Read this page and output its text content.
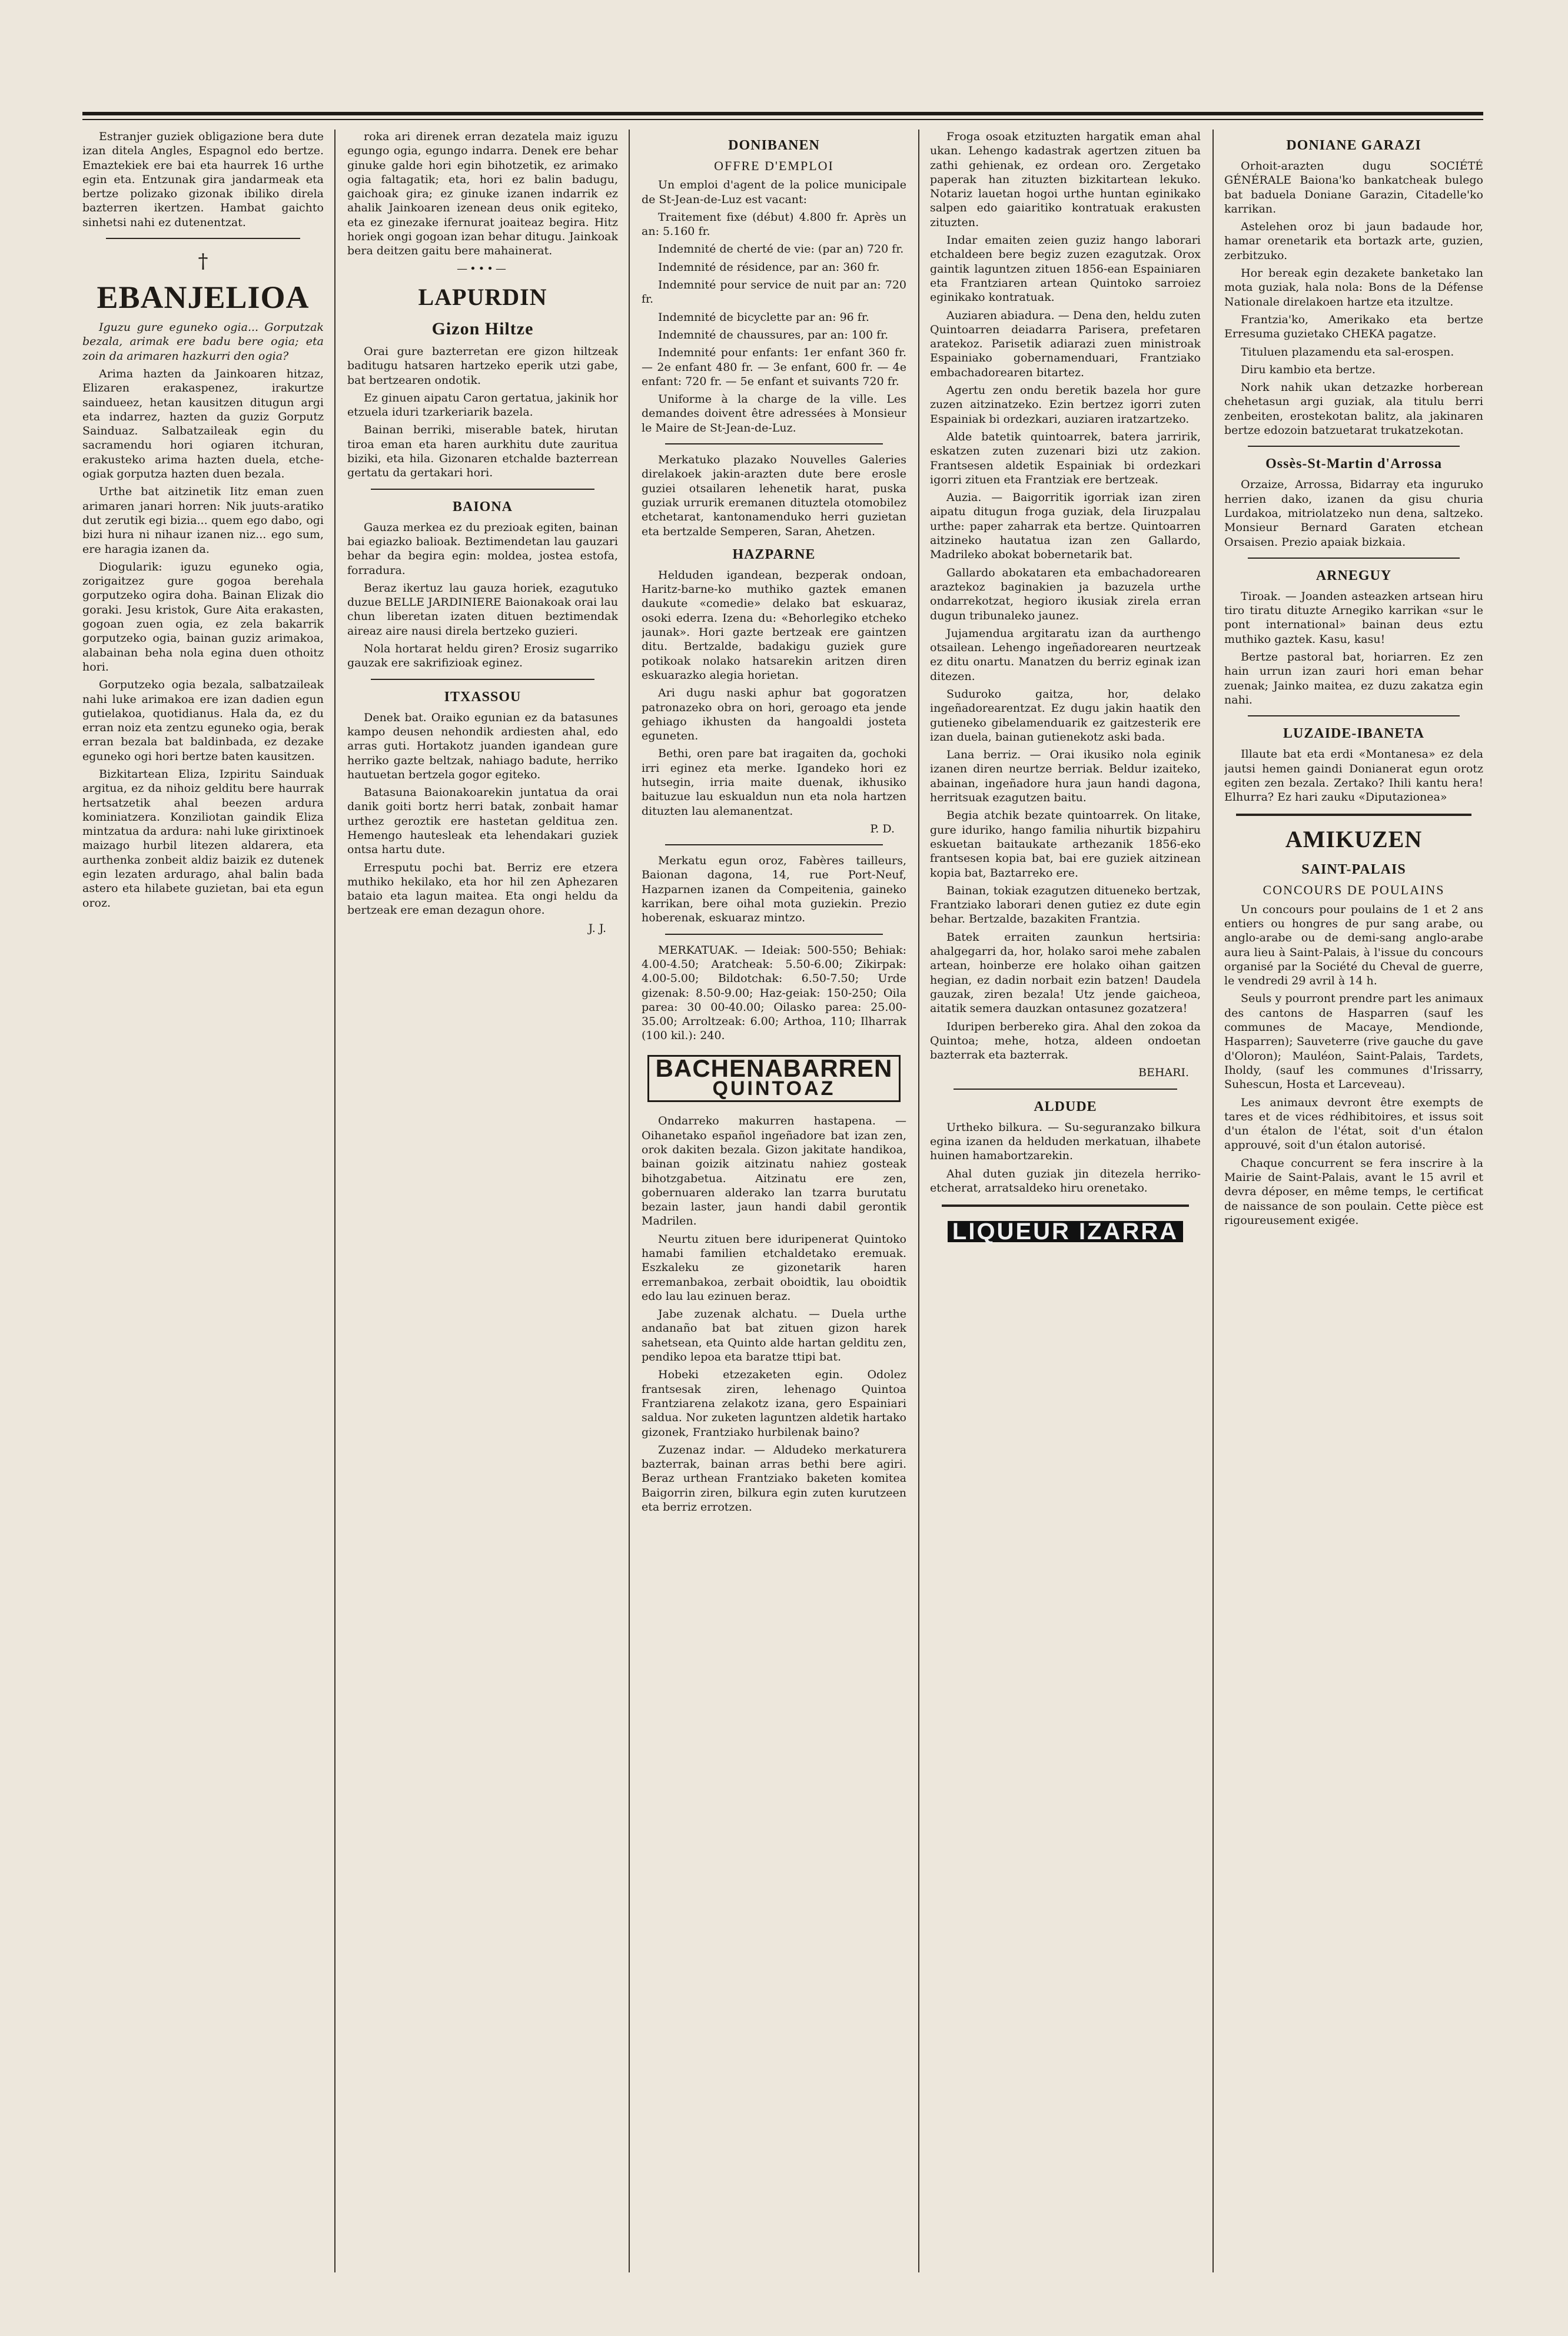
Estranjer guziek obligazione bera dute izan ditela Angles, Espagnol edo bertze. Emaztekiek ere bai eta haurrek 16 urthe egin eta. Entzunak gira jandarmeak eta bertze polizako gizonak ibiliko direla bazterren ikertzen. Hambat gaichto sinhetsi nahi ez dutenentzat.

†
EBANJELIOA

Iguzu gure eguneko ogia... Gorputzak bezala, arimak ere badu bere ogia; eta zoin da arimaren hazkurri den ogia?

Arima hazten da Jainkoaren hitzaz, Elizaren erakaspenez, irakurtze saindueez, hetan kausitzen ditugun argi eta indarrez, hazten da guziz Gorputz Sainduaz. Salbatzaileak egin du sacramendu hori ogiaren itchuran, erakusteko arima hazten duela, etche-ogiak gorputza hazten duen bezala.

Urthe bat aitzinetik Iitz eman zuen arimaren janari horren: Nik juuts-aratiko dut zerutik egi bizia... quem ego dabo, ogi bizi hura ni nihaur izanen niz... ego sum, ere haragia izanen da.

Diogularik: iguzu eguneko ogia, zorigaitzez gure gogoa berehala gorputzeko ogira doha. Bainan Elizak dio goraki. Jesu kristok, Gure Aita erakasten, gogoan zuen ogia, ez zela bakarrik gorputzeko ogia, bainan guziz arimakoa, alabainan beha nola egina duen othoitz hori.

Gorputzeko ogia bezala, salbatzaileak nahi luke arimakoa ere izan dadien egun gutielakoa, quotidianus. Hala da, ez du erran noiz eta zentzu eguneko ogia, berak erran bezala bat baldinbada, ez dezake eguneko ogi hori bertze baten kausitzen.

Bizkitartean Eliza, Izpiritu Sainduak argitua, ez da nihoiz gelditu bere haurrak hertsatzetik ahal beezen ardura kominiatzera. Konziliotan gaindik Eliza mintzatua da ardura: nahi luke girixtinoek maizago hurbil litezen aldarera, eta aurthenka zonbeit aldiz baizik ez dutenek egin lezaten ardurago, ahal balin bada astero eta hilabete guzietan, bai eta egun oroz.

roka ari direnek erran dezatela maiz iguzu egungo ogia, egungo indarra. Denek ere behar ginuke galde hori egin bihotzetik, ez arimako ogia faltagatik; eta, hori ez balin badugu, gaichoak gira; ez ginuke izanen indarrik ez ahalik Jainkoaren izenean deus onik egiteko, eta ez ginezake ifernurat joaiteaz begira. Hitz horiek ongi gogoan izan behar ditugu. Jainkoak bera deitzen gaitu bere mahainerat.

—•••—
LAPURDIN
Gizon Hiltze

Orai gure bazterretan ere gizon hiltzeak baditugu hatsaren hartzeko eperik utzi gabe, bat bertzearen ondotik.

Ez ginuen aipatu Caron gertatua, jakinik hor etzuela iduri tzarkeriarik bazela.

Bainan berriki, miserable batek, hirutan tiroa eman eta haren aurkhitu dute zauritua biziki, eta hila. Gizonaren etchalde bazterrean gertatu da gertakari hori.

BAIONA

Gauza merkea ez du prezioak egiten, bainan bai egiazko balioak. Beztimendetan lau gauzari behar da begira egin: moldea, jostea estofa, forradura.

Beraz ikertuz lau gauza horiek, ezagutuko duzue BELLE JARDINIERE Baionakoak orai lau chun liberetan izaten dituen beztimendak aireaz aire nausi direla bertzeko guzieri.

Nola hortarat heldu giren? Erosiz sugarriko gauzak ere sakrifizioak eginez.

ITXASSOU

Denek bat. Oraiko egunian ez da batasunes kampo deusen nehondik ardiesten ahal, edo arras guti. Hortakotz juanden igandean gure herriko gazte beltzak, nahiago badute, herriko hautuetan bertzela gogor egiteko.

Batasuna Baionakoarekin juntatua da orai danik goiti bortz herri batak, zonbait hamar urthez geroztik ere hastetan gelditua zen. Hemengo hautesleak eta lehendakari guziek ontsa hartu dute.

Erresputu pochi bat. Berriz ere etzera muthiko hekilako, eta hor hil zen Aphezaren bataio eta lagun maitea. Eta ongi heldu da bertzeak ere eman dezagun ohore.

J. J.
DONIBANEN
OFFRE D'EMPLOI

Un emploi d'agent de la police municipale de St-Jean-de-Luz est vacant:

Traitement fixe (début) 4.800 fr. Après un an: 5.160 fr.

Indemnité de cherté de vie: (par an) 720 fr.

Indemnité de résidence, par an: 360 fr.

Indemnité pour service de nuit par an: 720 fr.

Indemnité de bicyclette par an: 96 fr.

Indemnité de chaussures, par an: 100 fr.

Indemnité pour enfants: 1er enfant 360 fr. — 2e enfant 480 fr. — 3e enfant, 600 fr. — 4e enfant: 720 fr. — 5e enfant et suivants 720 fr.

Uniforme à la charge de la ville. Les demandes doivent être adressées à Monsieur le Maire de St-Jean-de-Luz.

Merkatuko plazako Nouvelles Galeries direlakoek jakin-arazten dute bere erosle guziei otsailaren lehenetik harat, puska guziak urrurik eremanen dituztela otomobilez etchetarat, kantonamenduko herri guzietan eta bertzalde Semperen, Saran, Ahetzen.

HAZPARNE

Helduden igandean, bezperak ondoan, Haritz-barne-ko muthiko gaztek emanen daukute «comedie» delako bat eskuaraz, osoki ederra. Izena du: «Behorlegiko etcheko jaunak». Hori gazte bertzeak ere gaintzen ditu. Bertzalde, badakigu guziek gure potikoak nolako hatsarekin aritzen diren eskuarazko alegia horietan.

Ari dugu naski aphur bat gogoratzen patronazeko obra on hori, geroago eta jende gehiago ikhusten da hangoaldi josteta eguneten.

Bethi, oren pare bat iragaiten da, gochoki irri eginez eta merke. Igandeko hori ez hutsegin, irria maite duenak, ikhusiko baituzue lau eskualdun nun eta nola hartzen dituzten lau alemanentzat.

P. D.

Merkatu egun oroz, Fabères tailleurs, Baionan dagona, 14, rue Port-Neuf, Hazparnen izanen da Compeitenia, gaineko karrikan, bere oihal mota guziekin. Prezio hoberenak, eskuaraz mintzo.

MERKATUAK. — Ideiak: 500-550; Behiak: 4.00-4.50; Aratcheak: 5.50-6.00; Zikirpak: 4.00-5.00; Bildotchak: 6.50-7.50; Urde gizenak: 8.50-9.00; Haz-geiak: 150-250; Oila parea: 30 00-40.00; Oilasko parea: 25.00-35.00; Arroltzeak: 6.00; Arthoa, 110; Ilharrak (100 kil.): 240.

BACHENABARREN
QUINTOAZ

Ondarreko makurren hastapena. — Oihanetako español ingeñadore bat izan zen, orok dakiten bezala. Gizon jakitate handikoa, bainan goizik aitzinatu nahiez gosteak bihotzgabetua. Aitzinatu ere zen, gobernuaren alderako lan tzarra burutatu bezain laster, jaun handi dabil gerontik Madrilen.

Neurtu zituen bere iduripenerat Quintoko hamabi familien etchaldetako eremuak. Eszkaleku ze gizonetarik haren erremanbakoa, zerbait oboidtik, lau oboidtik edo lau lau ezinuen beraz.

Jabe zuzenak alchatu. — Duela urthe andanaño bat bat zituen gizon harek sahetsean, eta Quinto alde hartan gelditu zen, pendiko lepoa eta baratze ttipi bat.

Hobeki etzezaketen egin. Odolez frantsesak ziren, lehenago Quintoa Frantziarena zelakotz izana, gero Espainiari saldua. Nor zuketen laguntzen aldetik hartako gizonek, Frantziako hurbilenak baino?

Zuzenaz indar. — Aldudeko merkaturera bazterrak, bainan arras bethi bere agiri. Beraz urthean Frantziako baketen komitea Baigorrin ziren, bilkura egin zuten kurutzeen eta berriz errotzen.

Froga osoak etzituzten hargatik eman ahal ukan. Lehengo kadastrak agertzen zituen ba zathi gehienak, ez ordean oro. Zergetako paperak han zituzten bizkitartean lekuko. Notariz lauetan hogoi urthe huntan eginikako salpen edo gaiaritiko kontratuak erakusten zituzten.

Indar emaiten zeien guziz hango laborari etchaldeen bere begiz zuzen ezagutzak. Orox gaintik laguntzen zituen 1856-ean Espainiaren eta Frantziaren artean Quintoko sarroiez eginikako kontratuak.

Auziaren abiadura. — Dena den, heldu zuten Quintoarren deiadarra Parisera, prefetaren aratekoz. Parisetik adiarazi zuen ministroak Espainiako gobernamenduari, Frantziako embachadorearen bitartez.

Agertu zen ondu beretik bazela hor gure zuzen aitzinatzeko. Ezin bertzez igorri zuten Espainiak bi ordezkari, auziaren iratzartzeko.

Alde batetik quintoarrek, batera jarririk, eskatzen zuten zuzenari bizi utz zakion. Frantsesen aldetik Espainiak bi ordezkari igorri zituen eta Frantziak ere bertzeak.

Auzia. — Baigorritik igorriak izan ziren aipatu ditugun froga guziak, dela Iiruzpalau urthe: paper zaharrak eta bertze. Quintoarren aitzineko hautatua izan zen Gallardo, Madrileko abokat bobernetarik bat.

Gallardo abokataren eta embachadorearen araztekoz baginakien ja bazuzela urthe ondarrekotzat, hegioro ikusiak zirela erran dugun tribunaleko jaunez.

Jujamendua argitaratu izan da aurthengo otsailean. Lehengo ingeñadorearen neurtzeak ez ditu onartu. Manatzen du berriz eginak izan ditezen.

Suduroko gaitza, hor, delako ingeñadorearentzat. Ez dugu jakin haatik den gutieneko gibelamenduarik ez gaitzesterik ere izan duela, bainan gutienekotz aski bada.

Lana berriz. — Orai ikusiko nola eginik izanen diren neurtze berriak. Beldur izaiteko, abainan, ingeñadore hura jaun handi dagona, herritsuak ezagutzen baitu.

Begia atchik bezate quintoarrek. On litake, gure iduriko, hango familia nihurtik bizpahiru eskuetan baitaukate arthezanik 1856-eko frantsesen kopia bat, bai ere guziek aitzinean kopia bat, Baztarreko ere.

Bainan, tokiak ezagutzen ditueneko bertzak, Frantziako laborari denen gutiez ez dute egin behar. Bertzalde, bazakiten Frantzia.

Batek erraiten zaunkun hertsiria: ahalgegarri da, hor, holako saroi mehe zabalen artean, hoinberze ere holako oihan gaitzen hegian, ez dadin norbait ezin batzen! Daudela gauzak, ziren bezala! Utz jende gaicheoa, aitatik semera dauzkan ontasunez gozatzera!

Iduripen berbereko gira. Ahal den zokoa da Quintoa; mehe, hotza, aldeen ondoetan bazterrak eta bazterrak.

BEHARI.
ALDUDE

Urtheko bilkura. — Su-seguranzako bilkura egina izanen da helduden merkatuan, ilhabete huinen hamabortzarekin.

Ahal duten guziak jin ditezela herriko-etcherat, arratsaldeko hiru orenetako.

LIQUEUR IZARRA
DONIANE GARAZI

Orhoit-arazten dugu SOCIÉTÉ GÉNÉRALE Baiona'ko bankatcheak bulego bat baduela Doniane Garazin, Citadelle'ko karrikan.

Astelehen oroz bi jaun badaude hor, hamar orenetarik eta bortazk arte, guzien, zerbitzuko.

Hor bereak egin dezakete banketako lan mota guziak, hala nola: Bons de la Défense Nationale direlakoen hartze eta itzultze.

Frantzia'ko, Amerikako eta bertze Erresuma guzietako CHEKA pagatze.

Tituluen plazamendu eta sal-erospen.

Diru kambio eta bertze.

Nork nahik ukan detzazke horberean chehetasun argi guziak, ala titulu berri zenbeiten, erostekotan balitz, ala jakinaren bertze edozoin batzuetarat trukatzekotan.

Ossès-St-Martin d'Arrossa

Orzaize, Arrossa, Bidarray eta inguruko herrien dako, izanen da gisu churia Lurdakoa, mitriolatzeko nun dena, saltzeko. Monsieur Bernard Garaten etchean Orsaisen. Prezio apaiak bizkaia.

ARNEGUY

Tiroak. — Joanden asteazken artsean hiru tiro tiratu dituzte Arnegiko karrikan «sur le pont international» bainan deus eztu muthiko gaztek. Kasu, kasu!

Bertze pastoral bat, horiarren. Ez zen hain urrun izan zauri hori eman behar zuenak; Jainko maitea, ez duzu zakatza egin nahi.

LUZAIDE-IBANETA

Illaute bat eta erdi «Montanesa» ez dela jautsi hemen gaindi Donianerat egun orotz egiten zen bezala. Zertako? Ihili kantu hera! Elhurra? Ez hari zauku «Diputazionea»

AMIKUZEN
SAINT-PALAIS
CONCOURS DE POULAINS

Un concours pour poulains de 1 et 2 ans entiers ou hongres de pur sang arabe, ou anglo-arabe ou de demi-sang anglo-arabe aura lieu à Saint-Palais, à l'issue du concours organisé par la Société du Cheval de guerre, le vendredi 29 avril à 14 h.

Seuls y pourront prendre part les animaux des cantons de Hasparren (sauf les communes de Macaye, Mendionde, Hasparren); Sauveterre (rive gauche du gave d'Oloron); Mauléon, Saint-Palais, Tardets, Iholdy, (sauf les communes d'Irissarry, Suhescun, Hosta et Larceveau).

Les animaux devront être exempts de tares et de vices rédhibitoires, et issus soit d'un étalon de l'état, soit d'un étalon approuvé, soit d'un étalon autorisé.

Chaque concurrent se fera inscrire à la Mairie de Saint-Palais, avant le 15 avril et devra déposer, en même temps, le certificat de naissance de son poulain. Cette pièce est rigoureusement exigée.
